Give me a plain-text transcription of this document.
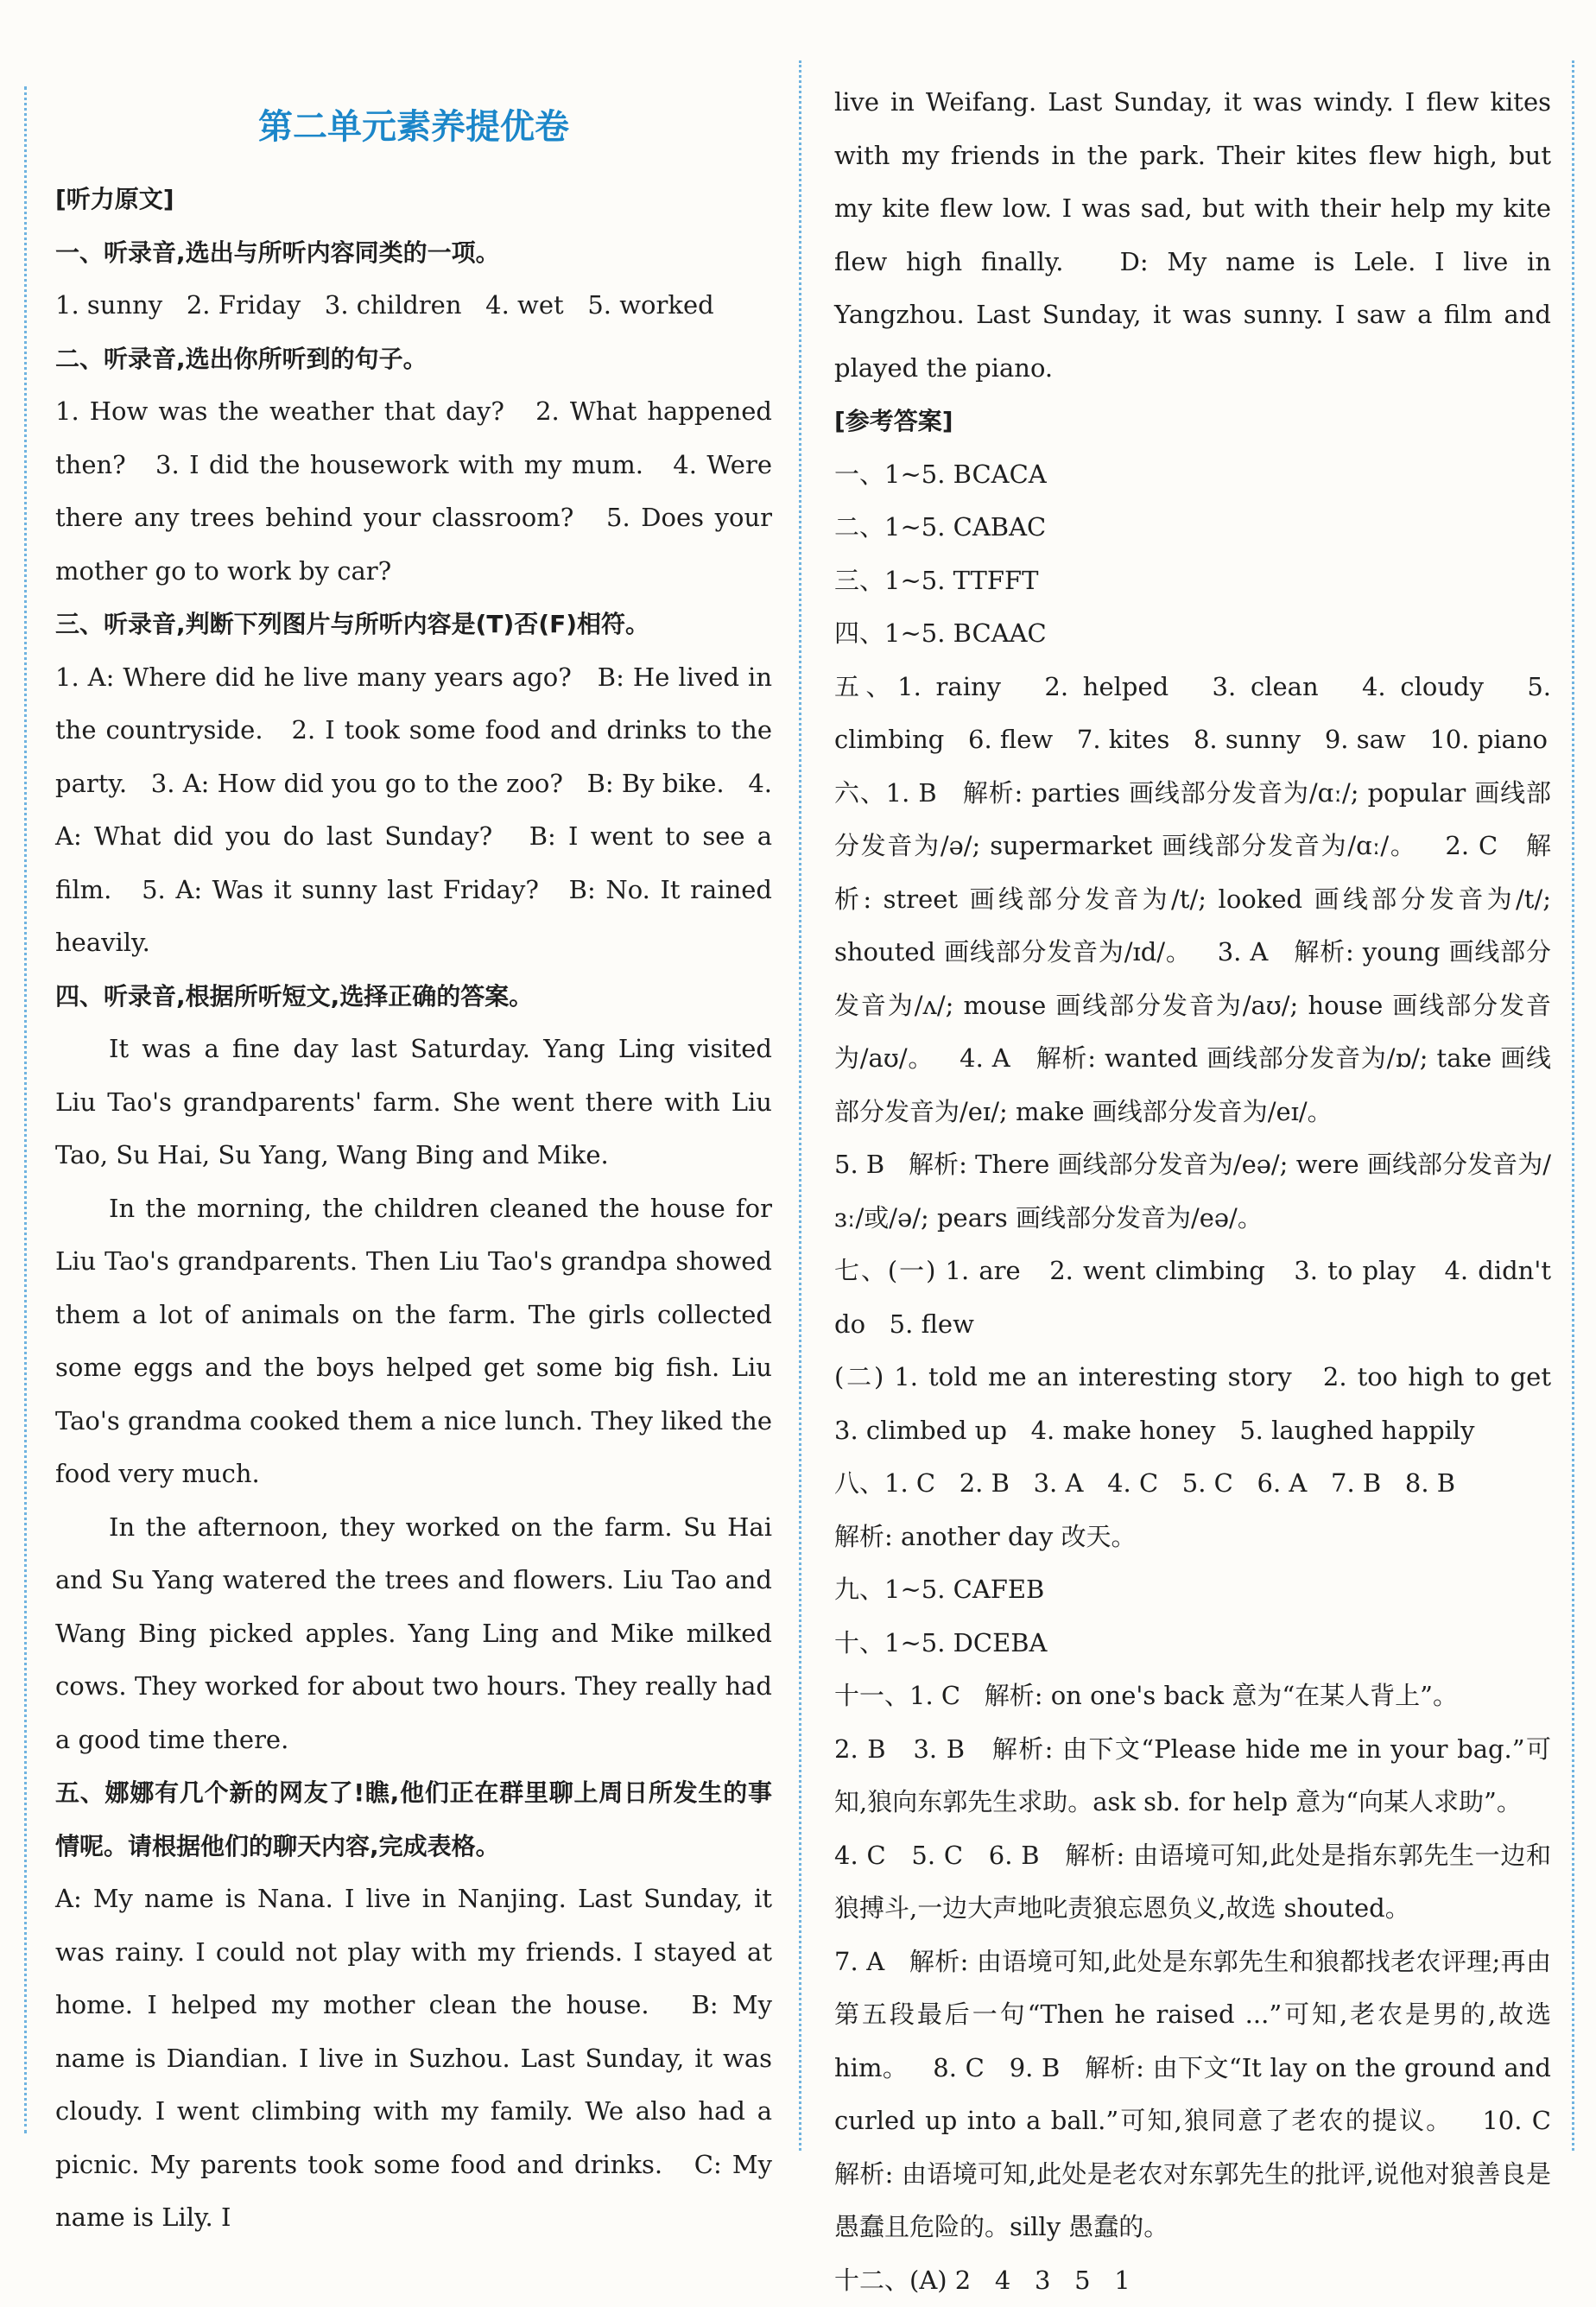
第二单元素养提优卷

[听力原文]

一、听录音,选出与所听内容同类的一项。

1. sunny   2. Friday   3. children   4. wet   5. worked

二、听录音,选出你所听到的句子。

1. How was the weather that day?   2. What happened then?   3. I did the housework with my mum.   4. Were there any trees behind your classroom?   5. Does your mother go to work by car?

三、听录音,判断下列图片与所听内容是(T)否(F)相符。

1. A: Where did he live many years ago?   B: He lived in the countryside.   2. I took some food and drinks to the party.   3. A: How did you go to the zoo?   B: By bike.   4. A: What did you do last Sunday?   B: I went to see a film.   5. A: Was it sunny last Friday?   B: No. It rained heavily.

四、听录音,根据所听短文,选择正确的答案。

It was a fine day last Saturday. Yang Ling visited Liu Tao's grandparents' farm. She went there with Liu Tao, Su Hai, Su Yang, Wang Bing and Mike.

In the morning, the children cleaned the house for Liu Tao's grandparents. Then Liu Tao's grandpa showed them a lot of animals on the farm. The girls collected some eggs and the boys helped get some big fish. Liu Tao's grandma cooked them a nice lunch. They liked the food very much.

In the afternoon, they worked on the farm. Su Hai and Su Yang watered the trees and flowers. Liu Tao and Wang Bing picked apples. Yang Ling and Mike milked cows. They worked for about two hours. They really had a good time there.

五、娜娜有几个新的网友了!瞧,他们正在群里聊上周日所发生的事情呢。请根据他们的聊天内容,完成表格。

A: My name is Nana. I live in Nanjing. Last Sunday, it was rainy. I could not play with my friends. I stayed at home. I helped my mother clean the house.   B: My name is Diandian. I live in Suzhou. Last Sunday, it was cloudy. I went climbing with my family. We also had a picnic. My parents took some food and drinks.   C: My name is Lily. I

live in Weifang. Last Sunday, it was windy. I flew kites with my friends in the park. Their kites flew high, but my kite flew low. I was sad, but with their help my kite flew high finally.   D: My name is Lele. I live in Yangzhou. Last Sunday, it was sunny. I saw a film and played the piano.

[参考答案]

一、1~5. BCACA

二、1~5. CABAC

三、1~5. TTFFT

四、1~5. BCAAC

五、1. rainy   2. helped   3. clean   4. cloudy   5. climbing   6. flew   7. kites   8. sunny   9. saw   10. piano

六、1. B   解析: parties 画线部分发音为/ɑː/; popular 画线部分发音为/ə/; supermarket 画线部分发音为/ɑː/。   2. C   解析: street 画线部分发音为/t/; looked 画线部分发音为/t/; shouted 画线部分发音为/ɪd/。   3. A   解析: young 画线部分发音为/ʌ/; mouse 画线部分发音为/aʊ/; house 画线部分发音为/aʊ/。   4. A   解析: wanted 画线部分发音为/ɒ/; take 画线部分发音为/eɪ/; make 画线部分发音为/eɪ/。

5. B   解析: There 画线部分发音为/eə/; were 画线部分发音为/ɜː/或/ə/; pears 画线部分发音为/eə/。

七、(一) 1. are   2. went climbing   3. to play   4. didn't do   5. flew

(二) 1. told me an interesting story   2. too high to get   3. climbed up   4. make honey   5. laughed happily

八、1. C   2. B   3. A   4. C   5. C   6. A   7. B   8. B

解析: another day 改天。

九、1~5. CAFEB

十、1~5. DCEBA

十一、1. C   解析: on one's back 意为“在某人背上”。

2. B   3. B   解析: 由下文“Please hide me in your bag.”可知,狼向东郭先生求助。ask sb. for help 意为“向某人求助”。

4. C   5. C   6. B   解析: 由语境可知,此处是指东郭先生一边和狼搏斗,一边大声地叱责狼忘恩负义,故选 shouted。

7. A   解析: 由语境可知,此处是东郭先生和狼都找老农评理;再由第五段最后一句“Then he raised ...”可知,老农是男的,故选 him。   8. C   9. B   解析: 由下文“It lay on the ground and curled up into a ball.”可知,狼同意了老农的提议。   10. C   解析: 由语境可知,此处是老农对东郭先生的批评,说他对狼善良是愚蠢且危险的。silly 愚蠢的。

十二、(A) 2   4   3   5   1
